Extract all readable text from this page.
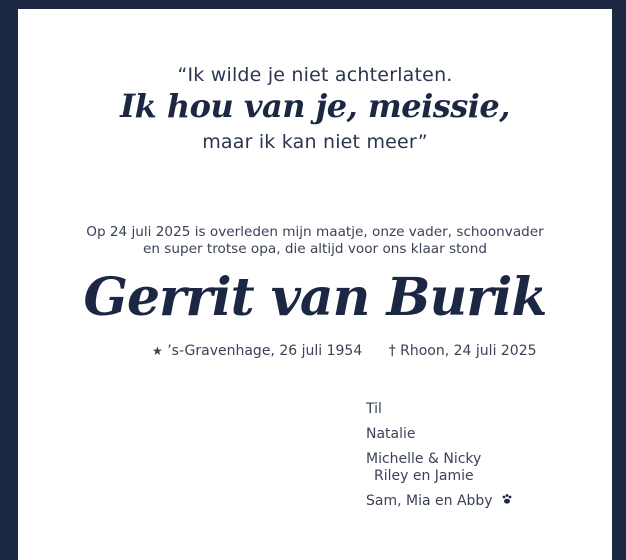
“Ik wilde je niet achterlaten.
Ik hou van je, meissie,
maar ik kan niet meer”
Op 24 juli 2025 is overleden mijn maatje, onze vader, schoonvader
en super trotse opa, die altijd voor ons klaar stond
Gerrit van Burik
★ ’s-Gravenhage, 26 juli 1954 † Rhoon, 24 juli 2025
Til
Natalie
Michelle & Nicky
Riley en Jamie
Sam, Mia en Abby
